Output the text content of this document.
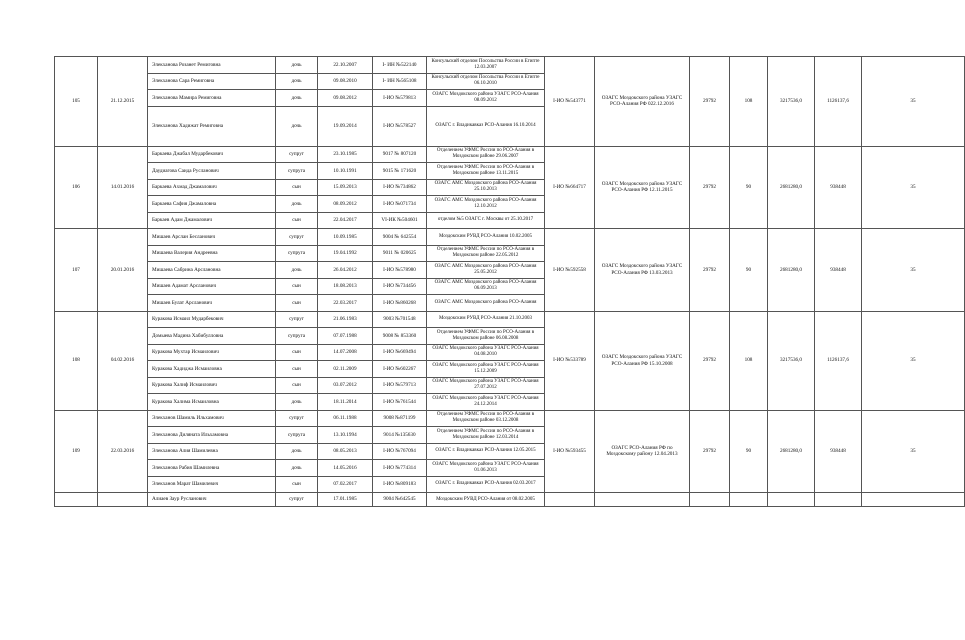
105	21.12.2015	Элекханова Розанет Ремиговна	дочь	22.10.2007	I- ИН №522140	Консульский отделом Посольства России в Египте 12.03.2007	I-ИО №543771	ОЗАГС Моздокского района УЗАГС РСО-Алания РФ 022.12.2016	29792	108	3217536,0	1126137,6	35
		Элекханова Сара Ремиговна	дочь	09.08.2010	I- ИН №565108	Консульский отделом Посольства России в Египте 06.10.2010							
		Элекханова Мамира Ремиговна	дочь	09.08.2012	I-ИО №579813	ОЗАГС Моздокского района УЗАГС РСО-Алания 08.09.2012							
		Элекханова Хадижат Ремиговна	дочь	19.09.2014	I-ИО №578527	ОЗАГС г. Владикавказ РСО-Алания 16.10.2014							
106	14.01.2016	Баркаева Джабал Мударбекович	супруг	23.10.1985	9017 № 807120	Отделением УФМС России по РСО-Алания в Моздокском районе 29.06.2007	I-ИО №664717	ОЗАГС Моздокского района УЗАГС РСО-Алания РФ 12.11.2015	29792	90	2681280,0	938448	35
		Даудиагова Саида Русланович	супруга	10.10.1991	9015 № 171620	Отделением УФМС России по РСО-Алания в Моздокском районе 13.11.2015							
		Баркаева Ахмад Джамалович	сын	15.09.2013	I-ИО №734862	ОЗАГС АМС Моздокского района РСО-Алания 25.10.2013							
		Баркаева Сафия Джамаловна	дочь	08.09.2012	I-ИО №071734	ОЗАГС АМС Моздокского района РСО-Алания 12.10.2012							
		Баркаев Адам Джамалович	сын	22.04.2017	VI-ИК №504601	отделом №5 ОЗАГС г. Москвы от 25.10.2017							
107	20.01.2016	Мишаев Арслан Бесланович	супруг	10.09.1985	9004 № 642554	Моздокским РУВД РСО-Алания 10.02.2005	I-ИО №592558	ОЗАГС Моздокского района УЗАГС РСО-Алания РФ 13.03.2013	29792	90	2681280,0	938448	35
		Мишаева Валерия Андреевна	супруга	19.04.1992	9011 № 020625	Отделением УФМС России по РСО-Алания в Моздокском районе 22.05.2012							
		Мишаева Сабрина Арслановна	дочь	26.04.2012	I-ИО №578980	ОЗАГС АМС Моздокского района РСО-Алания 25.05.2012							
		Мишаев Адамат Арсланович	сын	18.08.2013	I-ИО №734456	ОЗАГС АМС Моздокского района РСО-Алания 06.09.2013							
		Мишаев Булат Арсланович	сын	22.03.2017	I-ИО №860268	ОЗАГС АМС Моздокского района РСО-Алания							
108	04.02.2016	Куракова Исмаил Мударбекович	супруг	21.06.1983	9003 №701548	Моздокским РУВД РСО-Алания 21.10.2003	I-ИО №533789	ОЗАГС Моздокского района УЗАГС РСО-Алания РФ 15.10.2008	29792	108	3217536,0	1126137,6	35
		Домыева Мадина Хабибулловна	супруга	07.07.1988	9008 № 853360	Отделением УФМС России по РСО-Алания в Моздокском районе 06.08.2008							
		Куракова Мухтар Исмаилович	сын	14.07.2008	I-ИО №669494	ОЗАГС Моздокского района УЗАГС РСО-Алания 04.08.2010							
		Куракова Хадиджа Исмаиловна	сын	02.11.2009	I-ИО №602267	ОЗАГС Моздокского района УЗАГС РСО-Алания 15.12.2009							
		Куракова Халиф Исмаилович	сын	03.07.2012	I-ИО №579713	ОЗАГС Моздокского района УЗАГС РСО-Алания 27.07.2012							
		Куракова Халима Исмаиловна	дочь	18.11.2014	I-ИО №761544	ОЗАГС Моздокского района УЗАГС РСО-Алания 24.12.2014							
109	22.03.2016	Элекханов Шамиль Ильхамович	супруг	06.11.1988	9008 №871199	Отделением УФМС России по РСО-Алания в Моздокском районе 03.12.2008	I-ИО №593455	ОЗАГС РСО-Алания РФ по Моздокскому району 12.04.2013	29792	90	2681280,0	938448	35
		Элекханова Диляната Ильхамовна	супруга	13.10.1994	9014 №135630	Отделением УФМС России по РСО-Алания в Моздокском районе 12.03.2014							
		Элекханова Алия Шамилевна	дочь	08.05.2013	I-ИО №767094	ОЗАГС г. Владикавказ РСО-Алания 12.05.2015							
		Элекханова Рабия Шамилевна	дочь	14.05.2016	I-ИО №774314	ОЗАГС Моздокского района УЗАГС РСО-Алания 01.06.2013							
		Элекханов Марат Шамилевич	сын	07.02.2017	I-ИО №809183	ОЗАГС г. Владикавказ РСО-Алания 02.03.2017							
		Алиаев Заур Русланович	супруг	17.01.1985	9004 №642545	Моздокским РУВД РСО-Алания от 08.02.2005							
